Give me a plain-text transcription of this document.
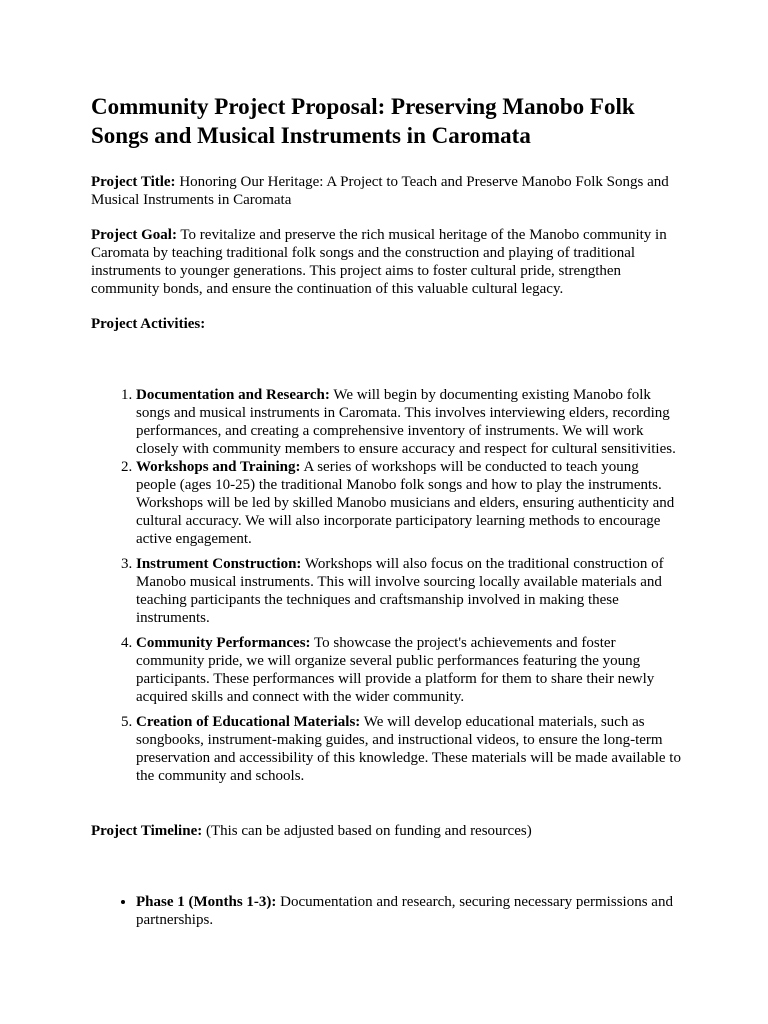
Community Project Proposal: Preserving Manobo Folk Songs and Musical Instruments in Caromata

Project Title: Honoring Our Heritage: A Project to Teach and Preserve Manobo Folk Songs and Musical Instruments in Caromata

Project Goal: To revitalize and preserve the rich musical heritage of the Manobo community in Caromata by teaching traditional folk songs and the construction and playing of traditional instruments to younger generations. This project aims to foster cultural pride, strengthen community bonds, and ensure the continuation of this valuable cultural legacy.

Project Activities:

1. Documentation and Research: We will begin by documenting existing Manobo folk songs and musical instruments in Caromata. This involves interviewing elders, recording performances, and creating a comprehensive inventory of instruments. We will work closely with community members to ensure accuracy and respect for cultural sensitivities.
2. Workshops and Training: A series of workshops will be conducted to teach young people (ages 10-25) the traditional Manobo folk songs and how to play the instruments. Workshops will be led by skilled Manobo musicians and elders, ensuring authenticity and cultural accuracy. We will also incorporate participatory learning methods to encourage active engagement.
3. Instrument Construction: Workshops will also focus on the traditional construction of Manobo musical instruments. This will involve sourcing locally available materials and teaching participants the techniques and craftsmanship involved in making these instruments.
4. Community Performances: To showcase the project's achievements and foster community pride, we will organize several public performances featuring the young participants. These performances will provide a platform for them to share their newly acquired skills and connect with the wider community.
5. Creation of Educational Materials: We will develop educational materials, such as songbooks, instrument-making guides, and instructional videos, to ensure the long-term preservation and accessibility of this knowledge. These materials will be made available to the community and schools.

Project Timeline: (This can be adjusted based on funding and resources)

• Phase 1 (Months 1-3): Documentation and research, securing necessary permissions and partnerships.
